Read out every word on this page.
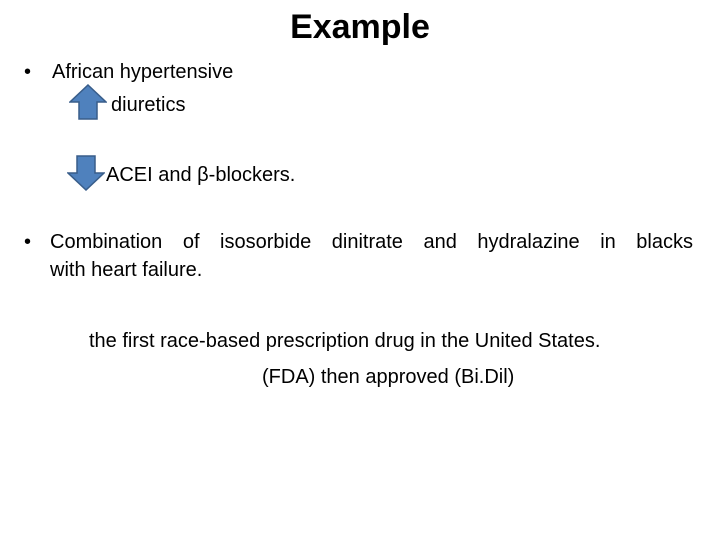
Example
• African hypertensive
diuretics
ACEI and β-blockers.
• Combination of isosorbide dinitrate and hydralazine in blacks
with heart failure.
the first race-based prescription drug in the United States.
(FDA) then approved (Bi.Dil)
